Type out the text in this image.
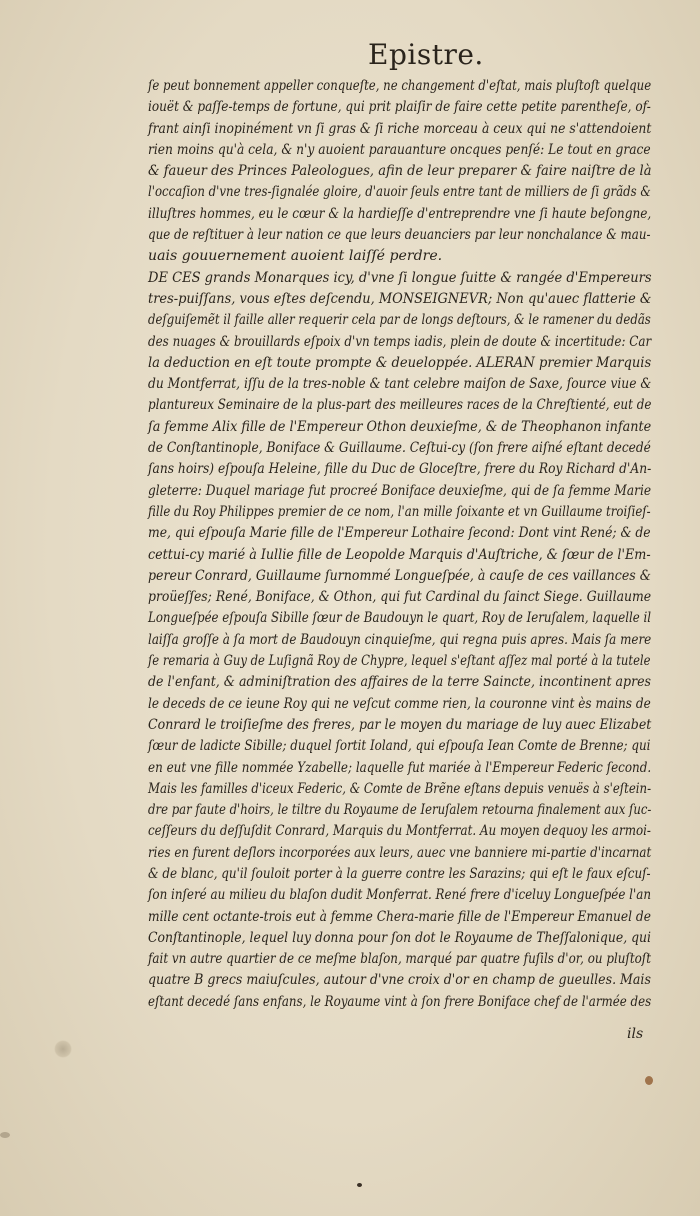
Epistre.
ſe peut bonnement appeller conqueſte, ne changement d'eſtat, mais pluſtoſt quelque
iouët & paſſe-temps de fortune, qui prit plaiſir de faire cette petite parentheſe, of-
frant ainſi inopinément vn ſi gras & ſi riche morceau à ceux qui ne s'attendoient
rien moins qu'à cela, & n'y auoient parauanture oncques penſé: Le tout en grace
& faueur des Princes Paleologues, afin de leur preparer & faire naiſtre de là
l'occaſion d'vne tres-ſignalée gloire, d'auoir ſeuls entre tant de milliers de ſi grãds &
illuſtres hommes, eu le cœur & la hardieſſe d'entreprendre vne ſi haute beſongne,
que de reſtituer à leur nation ce que leurs deuanciers par leur nonchalance & mau-
uais gouuernement auoient laiſſé perdre.
DE CES grands Monarques icy, d'vne ſi longue ſuitte & rangée d'Empereurs
tres-puiſſans, vous eſtes deſcendu, MONSEIGNEVR; Non qu'auec flatterie &
deſguiſemẽt il faille aller requerir cela par de longs deſtours, & le ramener du dedãs
des nuages & brouillards eſpoix d'vn temps iadis, plein de doute & incertitude: Car
la deduction en eſt toute prompte & deueloppée. ALERAN premier Marquis
du Montferrat, iſſu de la tres-noble & tant celebre maiſon de Saxe, ſource viue &
plantureux Seminaire de la plus-part des meilleures races de la Chreſtienté, eut de
ſa femme Alix fille de l'Empereur Othon deuxieſme, & de Theophanon infante
de Conſtantinople, Boniface & Guillaume. Ceſtui-cy (ſon frere aiſné eſtant decedé
ſans hoirs) eſpouſa Heleine, fille du Duc de Gloceſtre, frere du Roy Richard d'An-
gleterre: Duquel mariage fut procreé Boniface deuxieſme, qui de ſa femme Marie
fille du Roy Philippes premier de ce nom, l'an mille ſoixante et vn Guillaume troiſieſ-
me, qui eſpouſa Marie fille de l'Empereur Lothaire ſecond: Dont vint René; & de
cettui-cy marié à Iullie fille de Leopolde Marquis d'Auſtriche, & ſœur de l'Em-
pereur Conrard, Guillaume ſurnommé Longueſpée, à cauſe de ces vaillances &
proüeſſes; René, Boniface, & Othon, qui fut Cardinal du ſainct Siege. Guillaume
Longueſpée eſpouſa Sibille ſœur de Baudouyn le quart, Roy de Ieruſalem, laquelle il
laiſſa groſſe à ſa mort de Baudouyn cinquieſme, qui regna puis apres. Mais ſa mere
ſe remaria à Guy de Luſignã Roy de Chypre, lequel s'eſtant aſſez mal porté à la tutele
de l'enfant, & adminiſtration des affaires de la terre Saincte, incontinent apres
le deceds de ce ieune Roy qui ne veſcut comme rien, la couronne vint ès mains de
Conrard le troiſieſme des freres, par le moyen du mariage de luy auec Elizabet
ſœur de ladicte Sibille; duquel ſortit Ioland, qui eſpouſa Iean Comte de Brenne; qui
en eut vne fille nommée Yzabelle; laquelle fut mariée à l'Empereur Federic ſecond.
Mais les familles d'iceux Federic, & Comte de Brẽne eſtans depuis venuës à s'eſtein-
dre par faute d'hoirs, le tiltre du Royaume de Ieruſalem retourna finalement aux ſuc-
ceſſeurs du deſſuſdit Conrard, Marquis du Montferrat. Au moyen dequoy les armoi-
ries en furent deſlors incorporées aux leurs, auec vne banniere mi-partie d'incarnat
& de blanc, qu'il ſouloit porter à la guerre contre les Sarazins; qui eſt le faux eſcuſ-
ſon inſeré au milieu du blaſon dudit Monferrat. René frere d'iceluy Longueſpée l'an
mille cent octante-trois eut à femme Chera-marie fille de l'Empereur Emanuel de
Conſtantinople, lequel luy donna pour ſon dot le Royaume de Theſſalonique, qui
fait vn autre quartier de ce meſme blaſon, marqué par quatre fuſils d'or, ou pluſtoſt
quatre B grecs maiuſcules, autour d'vne croix d'or en champ de gueulles. Mais
eſtant decedé ſans enfans, le Royaume vint à ſon frere Boniface chef de l'armée des
ils
